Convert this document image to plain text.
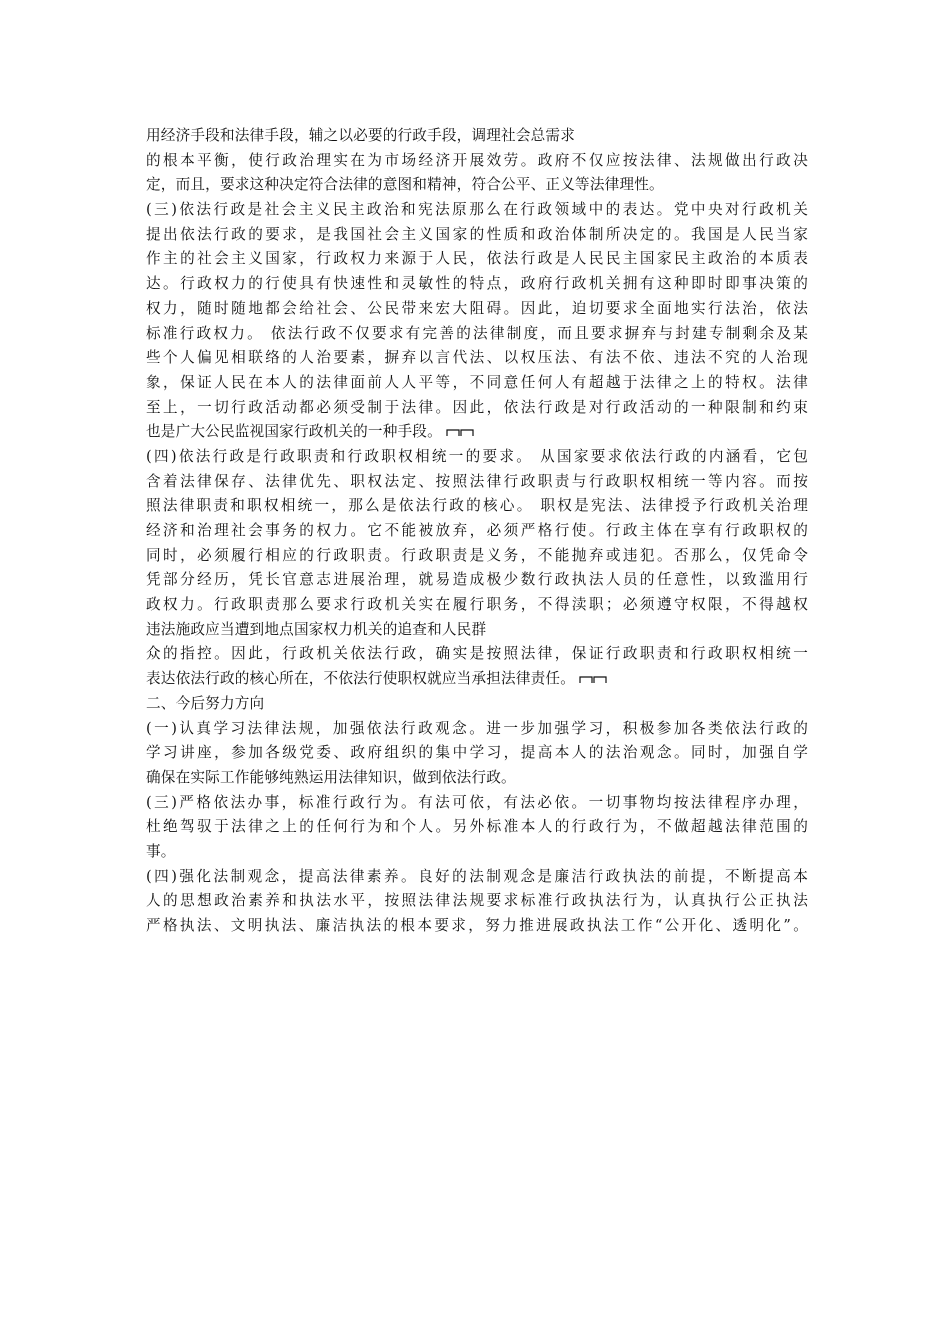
用经济手段和法律手段，辅之以必要的行政手段，调理社会总需求
的根本平衡，使行政治理实在为市场经济开展效劳。政府不仅应按法律、法规做出行政决
定，而且，要求这种决定符合法律的意图和精神，符合公平、正义等法律理性。
(三)依法行政是社会主义民主政治和宪法原那么在行政领域中的表达。党中央对行政机关
提出依法行政的要求，是我国社会主义国家的性质和政治体制所决定的。我国是人民当家
作主的社会主义国家，行政权力来源于人民，依法行政是人民民主国家民主政治的本质表
达。行政权力的行使具有快速性和灵敏性的特点，政府行政机关拥有这种即时即事决策的
权力，随时随地都会给社会、公民带来宏大阻碍。因此，迫切要求全面地实行法治，依法
标准行政权力。 依法行政不仅要求有完善的法律制度，而且要求摒弃与封建专制剩余及某
些个人偏见相联络的人治要素，摒弃以言代法、以权压法、有法不依、违法不究的人治现
象，保证人民在本人的法律面前人人平等，不同意任何人有超越于法律之上的特权。法律
至上，一切行政活动都必须受制于法律。因此，依法行政是对行政活动的一种限制和约束
也是广大公民监视国家行政机关的一种手段。
(四)依法行政是行政职责和行政职权相统一的要求。 从国家要求依法行政的内涵看，它包
含着法律保存、法律优先、职权法定、按照法律行政职责与行政职权相统一等内容。而按
照法律职责和职权相统一，那么是依法行政的核心。 职权是宪法、法律授予行政机关治理
经济和治理社会事务的权力。它不能被放弃，必须严格行使。行政主体在享有行政职权的
同时，必须履行相应的行政职责。行政职责是义务，不能抛弃或违犯。否那么，仅凭命令
凭部分经历，凭长官意志进展治理，就易造成极少数行政执法人员的任意性，以致滥用行
政权力。行政职责那么要求行政机关实在履行职务，不得渎职；必须遵守权限，不得越权
违法施政应当遭到地点国家权力机关的追查和人民群
众的指控。因此，行政机关依法行政，确实是按照法律，保证行政职责和行政职权相统一
表达依法行政的核心所在，不依法行使职权就应当承担法律责任。
二、今后努力方向
(一)认真学习法律法规，加强依法行政观念。进一步加强学习，积极参加各类依法行政的
学习讲座，参加各级党委、政府组织的集中学习，提高本人的法治观念。同时，加强自学
确保在实际工作能够纯熟运用法律知识，做到依法行政。
(三)严格依法办事，标准行政行为。有法可依，有法必依。一切事物均按法律程序办理，
杜绝驾驭于法律之上的任何行为和个人。另外标准本人的行政行为，不做超越法律范围的
事。
(四)强化法制观念，提高法律素养。良好的法制观念是廉洁行政执法的前提，不断提高本
人的思想政治素养和执法水平，按照法律法规要求标准行政执法行为，认真执行公正执法
严格执法、文明执法、廉洁执法的根本要求，努力推进展政执法工作“公开化、透明化”。
